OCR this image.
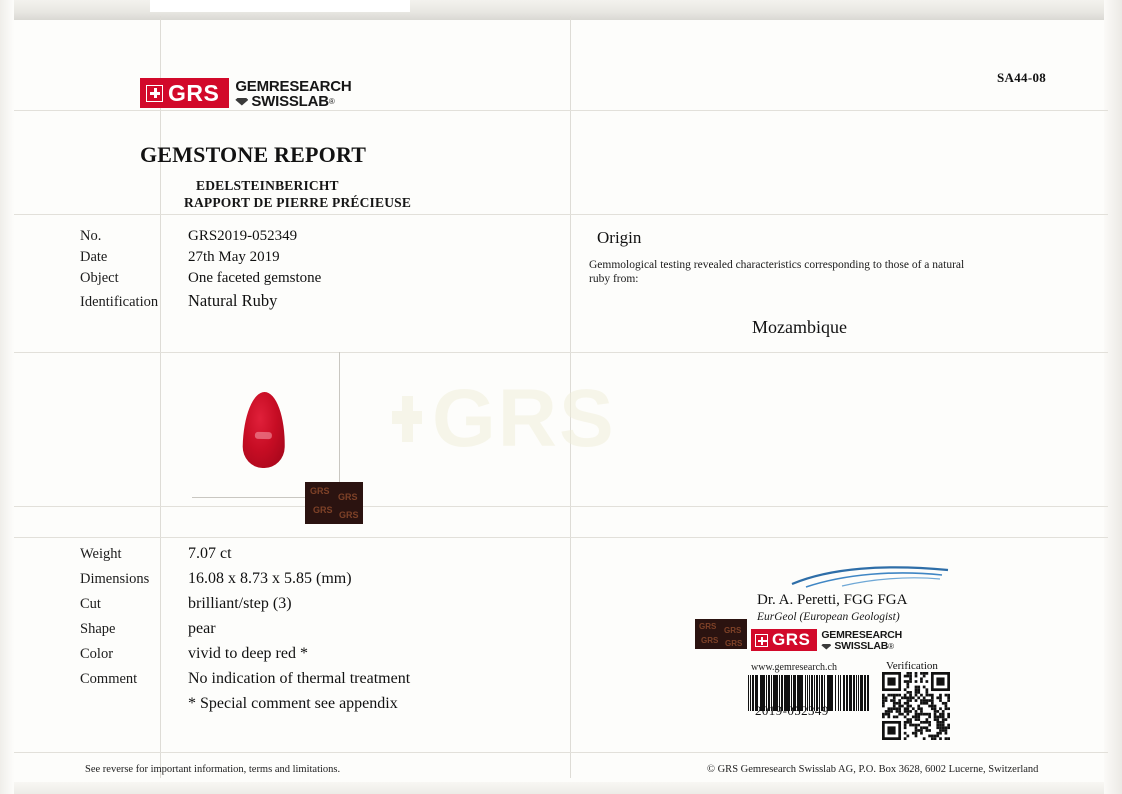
SA44-08
GRS GEMRESEARCH
SWISSLAB ®
GEMSTONE REPORT
EDELSTEINBERICHT
RAPPORT DE PIERRE PRÉCIEUSE
No.	GRS2019-052349
Date	27th May 2019
Object	One faceted gemstone
Identification	Natural Ruby
Origin
Gemmological testing revealed characteristics corresponding to those of a natural ruby from:
Mozambique
GRS
GRS
GRS
GRS GRS
Weight	7.07 ct
Dimensions	16.08 x 8.73 x 5.85 (mm)
Cut	brilliant/step (3)
Shape	pear
Color	vivid to deep red *
Comment	No indication of thermal treatment
* Special comment see appendix
Dr. A. Peretti, FGG FGA
EurGeol (European Geologist)
GRS GRS
GRS GRS GRS GEMRESEARCH
SWISSLAB ®
www.gemresearch.ch	Verification
2019-052349
See reverse for important information, terms and limitations.	© GRS Gemresearch Swisslab AG, P.O. Box 3628, 6002 Lucerne, Switzerland
